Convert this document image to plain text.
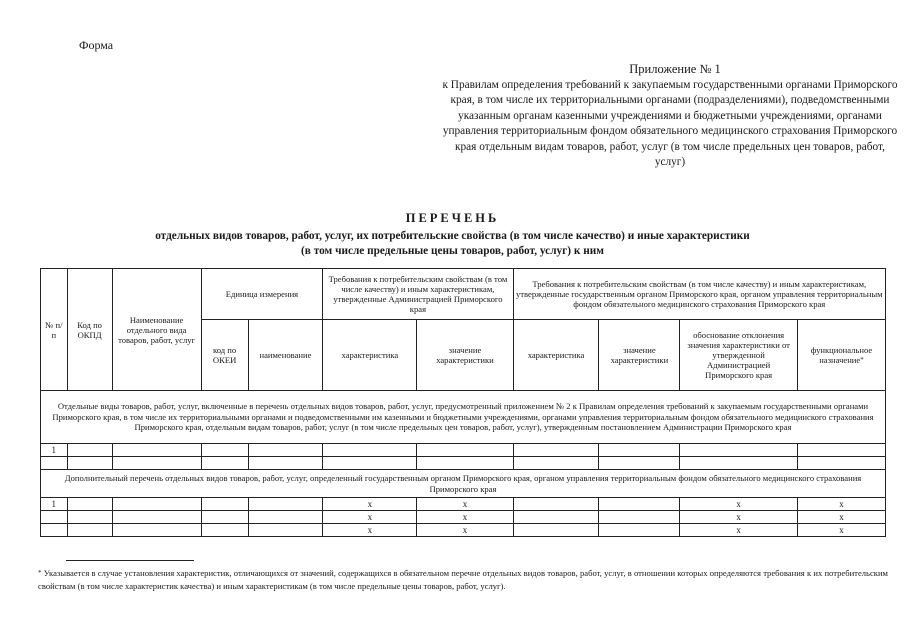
Форма
Приложение № 1
к Правилам определения требований к закупаемым государственными органами Приморского края, в том числе их территориальными органами (подразделениями), подведомственными указанным органам казенными учреждениями и бюджетными учреждениями, органами управления территориальным фондом обязательного медицинского страхования Приморского края отдельным видам товаров, работ, услуг (в том числе предельных цен товаров, работ, услуг)
ПЕРЕЧЕНЬ
отдельных видов товаров, работ, услуг, их потребительские свойства (в том числе качество) и иные характеристики
(в том числе предельные цены товаров, работ, услуг) к ним
№ п/п	Код по ОКПД	Наименование отдельного вида товаров, работ, услуг	Единица измерения		Требования к потребительским свойствам (в том числе качеству) и иным характеристикам, утвержденные Администрацией Приморского края		Требования к потребительским свойствам (в том числе качеству) и иным характеристикам, утвержденные государственным органом Приморского края, органом управления территориальным фондом обязательного медицинского страхования Приморского края			
			код по ОКЕИ	наименование	характеристика	значение характеристики	характеристика	значение характеристики	обоснование отклонения значения характеристики от утвержденной Администрацией Приморского края	функциональное назначение*
Отдельные виды товаров, работ, услуг, включенные в перечень отдельных видов товаров, работ, услуг, предусмотренный приложением № 2 к Правилам определения требований к закупаемым государственными органами Приморского края, в том числе их территориальными органами и подведомственными им казенными и бюджетными учреждениями, органами управления территориальным фондом обязательного медицинского страхования Приморского края, отдельным видам товаров, работ, услуг (в том числе предельных цен товаров, работ, услуг), утвержденным постановлением Администрации Приморского края										
1										

Дополнительный перечень отдельных видов товаров, работ, услуг, определенный государственным органом Приморского края, органом управления территориальным фондом обязательного медицинского страхования Приморского края										
1					x	x			x	x
					x	x			x	x
					x	x			x	x
* Указывается в случае установления характеристик, отличающихся от значений, содержащихся в обязательном перечне отдельных видов товаров, работ, услуг, в отношении которых определяются требования к их потребительским свойствам (в том числе характеристик качества) и иным характеристикам (в том числе предельные цены товаров, работ, услуг).
